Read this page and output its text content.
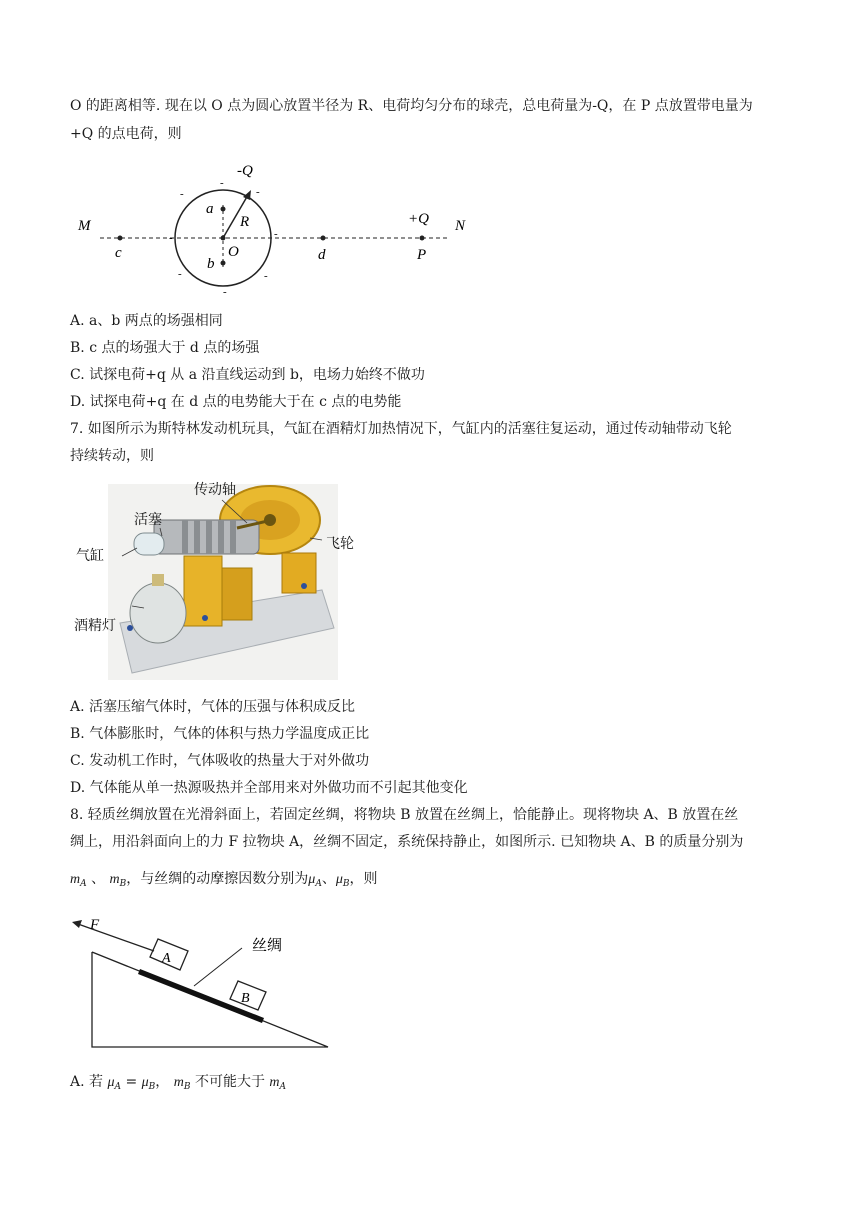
O 的距离相等. 现在以 O 点为圆心放置半径为 R、电荷均匀分布的球壳，总电荷量为-Q，在 P 点放置带电量为
+Q 的点电荷，则
-
-
-
-	-
-	-
-
M	N
c	O	d	P
a
b
R
-Q
+Q
A. a、b 两点的场强相同
B. c 点的场强大于 d 点的场强
C. 试探电荷+q 从 a 沿直线运动到 b，电场力始终不做功
D. 试探电荷+q 在 d 点的电势能大于在 c 点的电势能
7. 如图所示为斯特林发动机玩具，气缸在酒精灯加热情况下，气缸内的活塞往复运动，通过传动轴带动飞轮
持续转动，则
传动轴
活塞
气缸
飞轮
酒精灯
A. 活塞压缩气体时，气体的压强与体积成反比
B. 气体膨胀时，气体的体积与热力学温度成正比
C. 发动机工作时，气体吸收的热量大于对外做功
D. 气体能从单一热源吸热并全部用来对外做功而不引起其他变化
8. 轻质丝绸放置在光滑斜面上，若固定丝绸，将物块 B 放置在丝绸上，恰能静止。现将物块 A、B 放置在丝
绸上，用沿斜面向上的力 F 拉物块 A，丝绸不固定，系统保持静止，如图所示. 已知物块 A、B 的质量分别为
$m_A$ 、 $m_B$，与丝绸的动摩擦因数分别为$\mu_A$、$\mu_B$，则
F
A
B
丝绸
A. 若 $\mu_A = \mu_B$， $m_B$ 不可能大于 $m_A$
